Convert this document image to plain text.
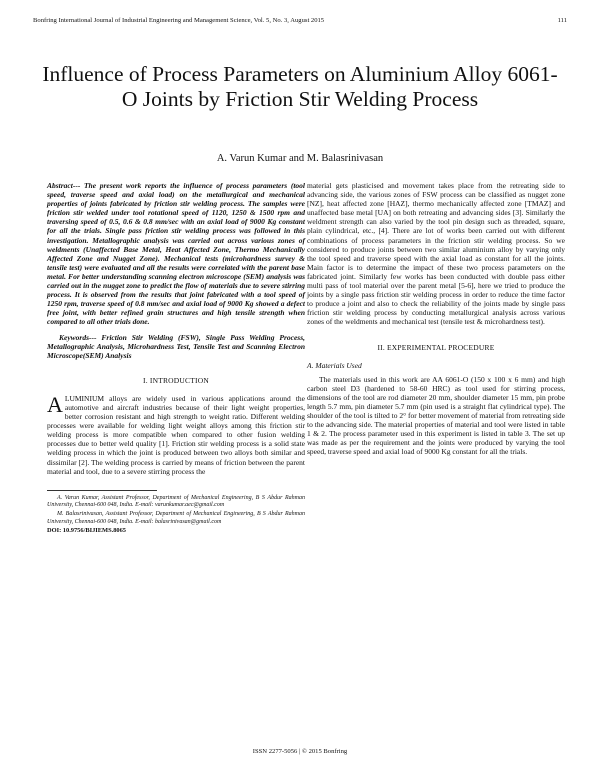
Bonfring International Journal of Industrial Engineering and Management Science, Vol. 5, No. 3, August 2015	111
Influence of Process Parameters on Aluminium Alloy 6061-O Joints by Friction Stir Welding Process
A. Varun Kumar and M. Balasrinivasan

Abstract--- The present work reports the influence of process parameters (tool speed, traverse speed and axial load) on the metallurgical and mechanical properties of joints fabricated by friction stir welding process. The samples were friction stir welded under tool rotational speed of 1120, 1250 & 1500 rpm and traversing speed of 0.5, 0.6 & 0.8 mm/sec with an axial load of 9000 Kg constant for all the trials. Single pass friction stir welding process was followed in this investigation. Metallographic analysis was carried out across various zones of weldments (Unaffected Base Metal, Heat Affected Zone, Thermo Mechanically Affected Zone and Nugget Zone). Mechanical tests (microhardness survey & tensile test) were evaluated and all the results were correlated with the parent base metal. For better understanding scanning electron microscope (SEM) analysis was carried out in the nugget zone to predict the flow of materials due to severe stirring process. It is observed from the results that joint fabricated with a tool speed of 1250 rpm, traverse speed of 0.8 mm/sec and axial load of 9000 Kg showed a defect free joint, with better refined grain structures and high tensile strength when compared to all other trials done.

Keywords--- Friction Stir Welding (FSW), Single Pass Welding Process, Metallographic Analysis, Microhardness Test, Tensile Test and Scanning Electron Microscope(SEM) Analysis

I. INTRODUCTION

ALUMINIUM alloys are widely used in various applications around the automotive and aircraft industries because of their light weight properties, better corrosion resistant and high strength to weight ratio. Different welding processes were available for welding light weight alloys among this friction stir welding process is more compatible when compared to other fusion welding processes due to better weld quality [1]. Friction stir welding process is a solid state welding process in which the joint is produced between two alloys both similar and dissimilar [2]. The welding process is carried by means of friction between the parent material and tool, due to a severe stirring process the

A. Varun Kumar, Assistant Professor, Department of Mechanical Engineering, B S Abdur Rahman University, Chennai-600 048, India. E-mail: varunkumar.aec@gmail.com

M. Balasrinivasan, Assistant Professor, Department of Mechanical Engineering, B S Abdur Rahman University, Chennai-600 048, India. E-mail: balasrinivasan@gmail.com

DOI: 10.9756/BIJIEMS.8065

material gets plasticised and movement takes place from the retreating side to advancing side, the various zones of FSW process can be classified as nugget zone [NZ], heat affected zone [HAZ], thermo mechanically affected zone [TMAZ] and unaffected base metal [UA] on both retreating and advancing sides [3]. Similarly the weldment strength can also varied by the tool pin design such as threaded, square, plain cylindrical, etc., [4]. There are lot of works been carried out with different combinations of process parameters in the friction stir welding process. So we considered to produce joints between two similar aluminium alloy by varying only the tool speed and traverse speed with the axial load as constant for all the joints. Main factor is to determine the impact of these two process parameters on the fabricated joint. Similarly few works has been conducted with double pass either multi pass of tool material over the parent metal [5-6], here we tried to produce the joints by a single pass friction stir welding process in order to reduce the time factor to produce a joint and also to check the reliability of the joints made by single pass friction stir welding process by conducting metallurgical analysis across various zones of the weldments and mechanical test (tensile test & microhardness test).

II. EXPERIMENTAL PROCEDURE

A. Materials Used

The materials used in this work are AA 6061-O (150 x 100 x 6 mm) and high carbon steel D3 (hardened to 58-60 HRC) as tool used for stirring process, dimensions of the tool are rod diameter 20 mm, shoulder diameter 15 mm, pin probe length 5.7 mm, pin diameter 5.7 mm (pin used is a straight flat cylindrical type). The shoulder of the tool is tilted to 2° for better movement of material from retreating side to the advancing side. The material properties of material and tool were listed in table 1 & 2. The process parameter used in this experiment is listed in table 3. The set up was made as per the requirement and the joints were produced by varying the tool speed, traverse speed and axial load of 9000 Kg constant for all the trials.

ISSN 2277-5056 | © 2015 Bonfring
